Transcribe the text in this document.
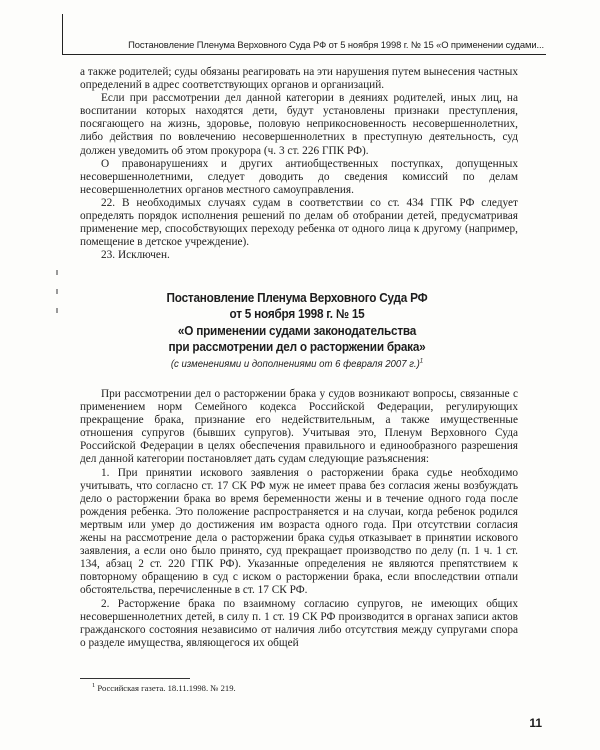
Постановление Пленума Верховного Суда РФ от 5 ноября 1998 г. № 15 «О применении судами...

а также родителей; суды обязаны реагировать на эти нарушения путем вынесения частных определений в адрес соответствующих органов и организаций.

Если при рассмотрении дел данной категории в деяниях родителей, иных лиц, на воспитании которых находятся дети, будут установлены признаки преступления, посягающего на жизнь, здоровье, половую неприкосновенность несовершеннолетних, либо действия по вовлечению несовершеннолетних в преступную деятельность, суд должен уведомить об этом прокурора (ч. 3 ст. 226 ГПК РФ).

О правонарушениях и других антиобщественных поступках, допущенных несовершеннолетними, следует доводить до сведения комиссий по делам несовершеннолетних органов местного самоуправления.

22. В необходимых случаях судам в соответствии со ст. 434 ГПК РФ следует определять порядок исполнения решений по делам об отобрании детей, предусматривая применение мер, способствующих переходу ребенка от одного лица к другому (например, помещение в детское учреждение).

23. Исключен.

Постановление Пленума Верховного Суда РФ
от 5 ноября 1998 г. № 15
«О применении судами законодательства
при рассмотрении дел о расторжении брака»
(с изменениями и дополнениями от 6 февраля 2007 г.)$^1$

При рассмотрении дел о расторжении брака у судов возникают вопросы, связанные с применением норм Семейного кодекса Российской Федерации, регулирующих прекращение брака, признание его недействительным, а также имущественные отношения супругов (бывших супругов). Учитывая это, Пленум Верховного Суда Российской Федерации в целях обеспечения правильного и единообразного разрешения дел данной категории постановляет дать судам следующие разъяснения:

1. При принятии искового заявления о расторжении брака судье необходимо учитывать, что согласно ст. 17 СК РФ муж не имеет права без согласия жены возбуждать дело о расторжении брака во время беременности жены и в течение одного года после рождения ребенка. Это положение распространяется и на случаи, когда ребенок родился мертвым или умер до достижения им возраста одного года. При отсутствии согласия жены на рассмотрение дела о расторжении брака судья отказывает в принятии искового заявления, а если оно было принято, суд прекращает производство по делу (п. 1 ч. 1 ст. 134, абзац 2 ст. 220 ГПК РФ). Указанные определения не являются препятствием к повторному обращению в суд с иском о расторжении брака, если впоследствии отпали обстоятельства, перечисленные в ст. 17 СК РФ.

2. Расторжение брака по взаимному согласию супругов, не имеющих общих несовершеннолетних детей, в силу п. 1 ст. 19 СК РФ производится в органах записи актов гражданского состояния независимо от наличия либо отсутствия между супругами спора о разделе имущества, являющегося их общей

$^1$ Российская газета. 18.11.1998. № 219.
11
